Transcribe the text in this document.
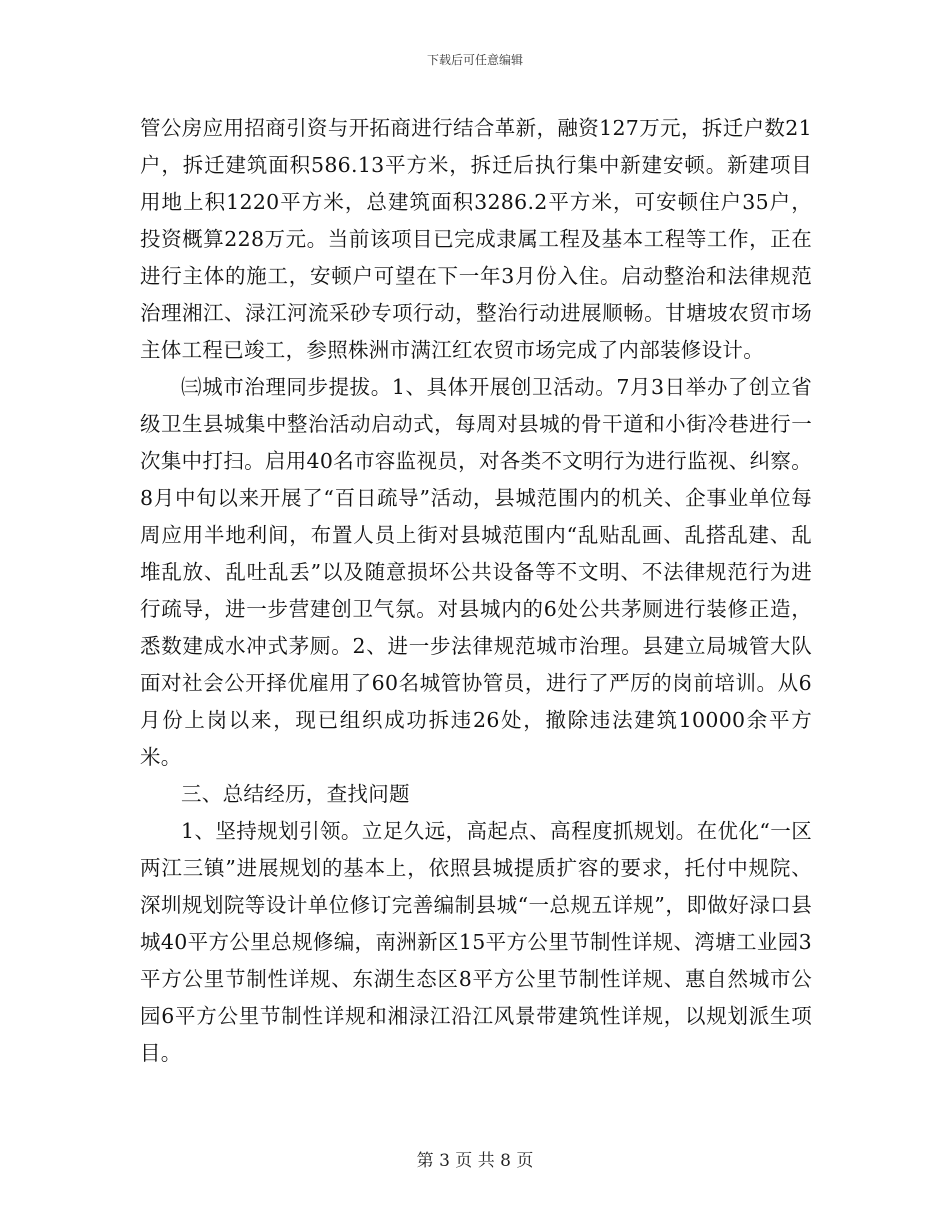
下载后可任意编辑

管公房应用招商引资与开拓商进行结合革新，融资127万元，拆迁户数21户，拆迁建筑面积586.13平方米，拆迁后执行集中新建安顿。新建项目用地上积1220平方米，总建筑面积3286.2平方米，可安顿住户35户，投资概算228万元。当前该项目已完成隶属工程及基本工程等工作，正在进行主体的施工，安顿户可望在下一年3月份入住。启动整治和法律规范治理湘江、渌江河流采砂专项行动，整治行动进展顺畅。甘塘坡农贸市场主体工程已竣工，参照株洲市满江红农贸市场完成了内部装修设计。

㈢城市治理同步提拔。1、具体开展创卫活动。7月3日举办了创立省级卫生县城集中整治活动启动式，每周对县城的骨干道和小街冷巷进行一次集中打扫。启用40名市容监视员，对各类不文明行为进行监视、纠察。8月中旬以来开展了“百日疏导”活动，县城范围内的机关、企事业单位每周应用半地利间，布置人员上街对县城范围内“乱贴乱画、乱搭乱建、乱堆乱放、乱吐乱丢”以及随意损坏公共设备等不文明、不法律规范行为进行疏导，进一步营建创卫气氛。对县城内的6处公共茅厕进行装修正造，悉数建成水冲式茅厕。2、进一步法律规范城市治理。县建立局城管大队面对社会公开择优雇用了60名城管协管员，进行了严厉的岗前培训。从6月份上岗以来，现已组织成功拆违26处，撤除违法建筑10000余平方米。

三、总结经历，查找问题

1、坚持规划引领。立足久远，高起点、高程度抓规划。在优化“一区两江三镇”进展规划的基本上，依照县城提质扩容的要求，托付中规院、深圳规划院等设计单位修订完善编制县城“一总规五详规”，即做好渌口县城40平方公里总规修编，南洲新区15平方公里节制性详规、湾塘工业园3平方公里节制性详规、东湖生态区8平方公里节制性详规、惠自然城市公园6平方公里节制性详规和湘渌江沿江风景带建筑性详规，以规划派生项目。

第 3 页 共 8 页
